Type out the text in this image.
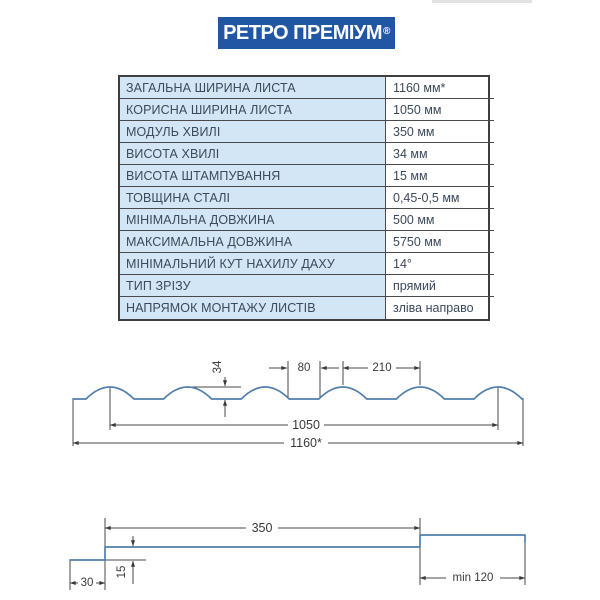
РЕТРО ПРЕМІУМ®
ЗАГАЛЬНА ШИРИНА ЛИСТА	1160 мм*
КОРИСНА ШИРИНА ЛИСТА	1050 мм
МОДУЛЬ ХВИЛІ	350 мм
ВИСОТА ХВИЛІ	34 мм
ВИСОТА ШТАМПУВАННЯ	15 мм
ТОВЩИНА СТАЛІ	0,45-0,5 мм
МІНІМАЛЬНА ДОВЖИНА	500 мм
МАКСИМАЛЬНА ДОВЖИНА	5750 мм
МІНІМАЛЬНИЙ КУТ НАХИЛУ ДАХУ	14°
ТИП ЗРІЗУ	прямий
НАПРЯМОК МОНТАЖУ ЛИСТІВ	зліва направо
34	80	210
1050
1160*
350
15
30	min 120
